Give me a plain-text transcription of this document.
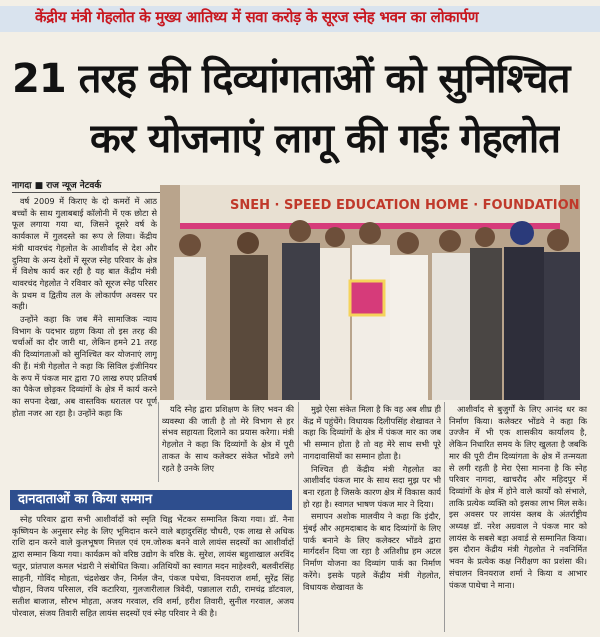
केंद्रीय मंत्री गेहलोत के मुख्य आतिथ्य में सवा करोड़ के सूरज स्नेह भवन का लोकार्पण
21 तरह की दिव्यांगताओं को सुनिश्चित
कर योजनाएं लागू की गईः गेहलोत
नागदा ■ राज न्यूज नेटवर्क

वर्ष 2009 में किराए के दो कमरों में आठ बच्चों के साथ गुलाबबाई कॉलोनी में एक छोटा से फूल लगाया गया था, जिसने दूसरे वर्ष के कार्यकाल में गुलदस्ते का रूप ले लिया। केंद्रीय मंत्री थावरचंद गेहलोत के आशीर्वाद से देश और दुनिया के अन्य देशों में सूरज स्नेह परिवार के क्षेत्र में विशेष कार्य कर रही है यह बात केंद्रीय मंत्री थावरचंद गेहलोत ने रविवार को सूरज स्नेह परिसर के प्रथम व द्वितीय तल के लोकार्पण अवसर पर कही।

उन्होंने कहा कि जब मैंने सामाजिक न्याय विभाग के पदभार ग्रहण किया तो इस तरह की चर्चाओं का दौर जारी था, लेकिन हमने 21 तरह की दिव्यांगताओं को सुनिश्चित कर योजनाएं लागू की हैं। मंत्री गेहलोत ने कहा कि सिविल इंजीनियर के रूप में पंकज मार द्वारा 70 लाख रुपए प्रतिवर्ष का पैकेज छोड़कर दिव्यांगों के क्षेत्र में कार्य करने का सपना देखा, अब वास्तविक धरातल पर पूर्ण होता नजर आ रहा है। उन्होंने कहा कि

SNEH · SPEED EDUCATION HOME · FOUNDATION

यदि स्नेह द्वारा प्रशिक्षण के लिए भवन की व्यवस्था की जाती है तो मेरे विभाग से हर संभव सहायता दिलाने का प्रयास करेगा। मंत्री गेहलोत ने कहा कि दिव्यांगों के क्षेत्र में पूरी ताकत के साथ कलेक्टर संकेत भोंडवे लगे रहते है उनके लिए

मुझे ऐसा संकेत मिला है कि वह अब शीघ्र ही केंद्र में पहुंचेंगे। विधायक दिलीपसिंह शेखावत ने कहा कि दिव्यांगों के क्षेत्र में पंकज मार का जब भी सम्मान होता है तो वह मेरे साथ सभी पूरे नागदावासियों का सम्मान होता है।

निश्चित ही केंद्रीय मंत्री गेहलोत का आशीर्वाद पंकज मार के साथ सदा मुझ पर भी बना रहता है जिसके कारण क्षेत्र में विकास कार्य हो रहा है। स्वागत भाषण पंकज मार ने दिया।

समापन अशोक मालवीय ने कहा कि इंदौर, मुंबई और अहमदाबाद के बाद दिव्यांगों के लिए पार्क बनाने के लिए कलेक्टर भोंडवे द्वारा मार्गदर्शन दिया जा रहा है अतिशीघ्र हम अटल निर्माण योजना का दिव्यांग पार्क का निर्माण करेंगे। इसके पहले केंद्रीय मंत्री गेहलोत, विधायक शेखावत के

आशीर्वाद से बुजुर्गों के लिए आनंद धर का निर्माण किया। कलेक्टर भोंडवे ने कहा कि उज्जैन में भी एक शासकीय कार्यालय है, लेकिन निधारित समय के लिए खुलता है जबकि मार की पूरी टीम दिव्यांगता के क्षेत्र में तन्मयता से लगी रहती है मेरा ऐसा मानना है कि स्नेह परिवार नागदा, खाचरौद और महिदपुर में दिव्यांगों के क्षेत्र में होने वाले कार्यों को संभाले, ताकि प्रत्येक व्यक्ति को इसका लाभ मिल सके। इस अवसर पर लायंस क्लब के अंतर्राष्ट्रीय अध्यक्ष डॉ. नरेश अग्रवाल ने पंकज मार को लायंस के सबसे बड़ा अवार्ड से सम्मानित किया। इस दौरान केंद्रीय मंत्री गेहलोत ने नवनिर्मित भवन के प्रत्येक कक्ष निरीक्षण का प्रशंसा की। संचालन विनयराज शर्मा ने किया व आभार पंकज पाथेचा ने माना।

दानदाताओं का किया सम्मान

स्नेह परिवार द्वारा सभी आशीर्वादों को स्मृति चिह्न भेंटकर सम्मानित किया गया। डॉ. नैना कृष्णियन के अनुसार स्नेह के लिए भूमिदान करने वाले बहादुरसिंह चौधरी, एक लाख से अधिक राशि दान करने वाले कुलभूषण मित्तल एवं एम.जोरुक बनने वाले लायंस सदस्यों का आशीर्वादों द्वारा सम्मान किया गया। कार्यक्रम को वरिष्ठ उद्योग के वरिष्ठ के. सुरेश, लायंस बहुशाखाल अरविंद चतुर, प्रांतपाल कमल भंडारी ने संबोधित किया। अतिथियों का स्वागत मदन माहेश्वरी, बलवीरसिंह साहनी, गोविंद मोहता, चंद्रशेखर जैन, निर्मल जैन, पंकज पथेचा, विनयराज शर्मा, सुरेंद्र सिंह चौहान, विजय परिसाल, रवि कटारिया, गुलजारीलाल त्रिवेदी, पन्नालाल राठी, रामचंद्र डॉटवाल, सतीश बाजाज, सौरभ मोहता, अजय गरवाल, रवि शर्मा, हरीश तिवारी, सुनील गरवाल, अजय पोरवाल, संजय तिवारी सहित लायंस सदस्यों एवं स्नेह परिवार ने की है।
